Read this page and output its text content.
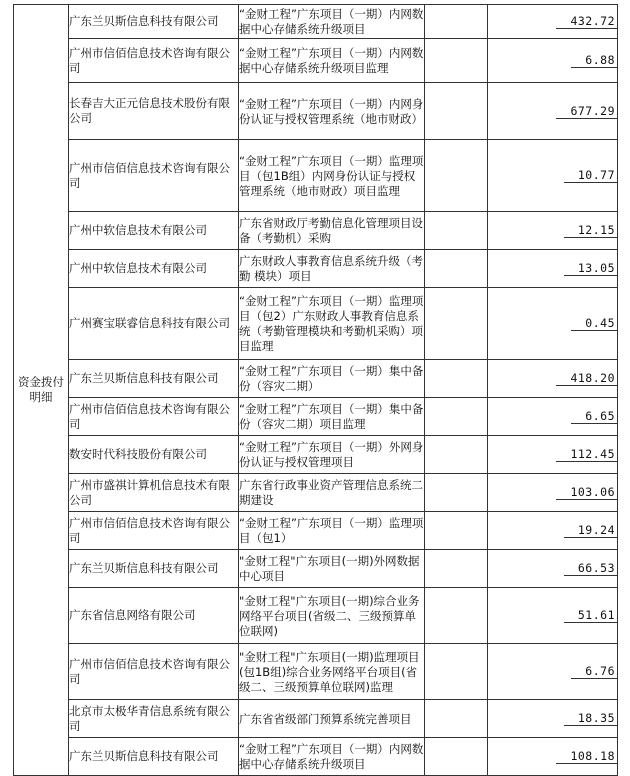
资金拨付明细	广东兰贝斯信息科技有限公司	“金财工程”广东项目（一期）内网数据中心存储系统升级项目		432.72
	广州市信佰信息技术咨询有限公司	“金财工程”广东项目（一期）内网数据中心存储系统升级项目监理		6.88
	长春吉大正元信息技术股份有限公司	“金财工程”广东项目（一期）内网身份认证与授权管理系统（地市财政）		677.29
	广州市信佰信息技术咨询有限公司	“金财工程”广东项目（一期）监理项目（包1B组）内网身份认证与授权管理系统（地市财政）项目监理		10.77
	广州中软信息技术有限公司	广东省财政厅考勤信息化管理项目设备（考勤机）采购		12.15
	广州中软信息技术有限公司	广东财政人事教育信息系统升级（考勤 模块）项目		13.05
	广州赛宝联睿信息科技有限公司	“金财工程”广东项目（一期）监理项目（包2）广东财政人事教育信息系统（考勤管理模块和考勤机采购）项目监理		0.45
	广东兰贝斯信息科技有限公司	“金财工程”广东项目（一期）集中备份（容灾二期）		418.20
	广州市信佰信息技术咨询有限公司	“金财工程”广东项目（一期）集中备份（容灾二期）项目监理		6.65
	数安时代科技股份有限公司	“金财工程”广东项目（一期）外网身份认证与授权管理项目		112.45
	广州市盛祺计算机信息技术有限公司	广东省行政事业资产管理信息系统二期建设		103.06
	广州市信佰信息技术咨询有限公司	“金财工程”广东项目（一期）监理项目（包1）		19.24
	广东兰贝斯信息科技有限公司	"金财工程"广东项目(一期)外网数据中心项目		66.53
	广东省信息网络有限公司	"金财工程"广东项目(一期)综合业务网络平台项目(省级二、三级预算单位联网)		51.61
	广州市信佰信息技术咨询有限公司	"金财工程"广东项目(一期)监理项目(包1B组)综合业务网络平台项目(省级二、三级预算单位联网)监理		6.76
	北京市太极华青信息系统有限公司	广东省省级部门预算系统完善项目		18.35
	广东兰贝斯信息科技有限公司	“金财工程”广东项目（一期）内网数据中心存储系统升级项目		108.18
